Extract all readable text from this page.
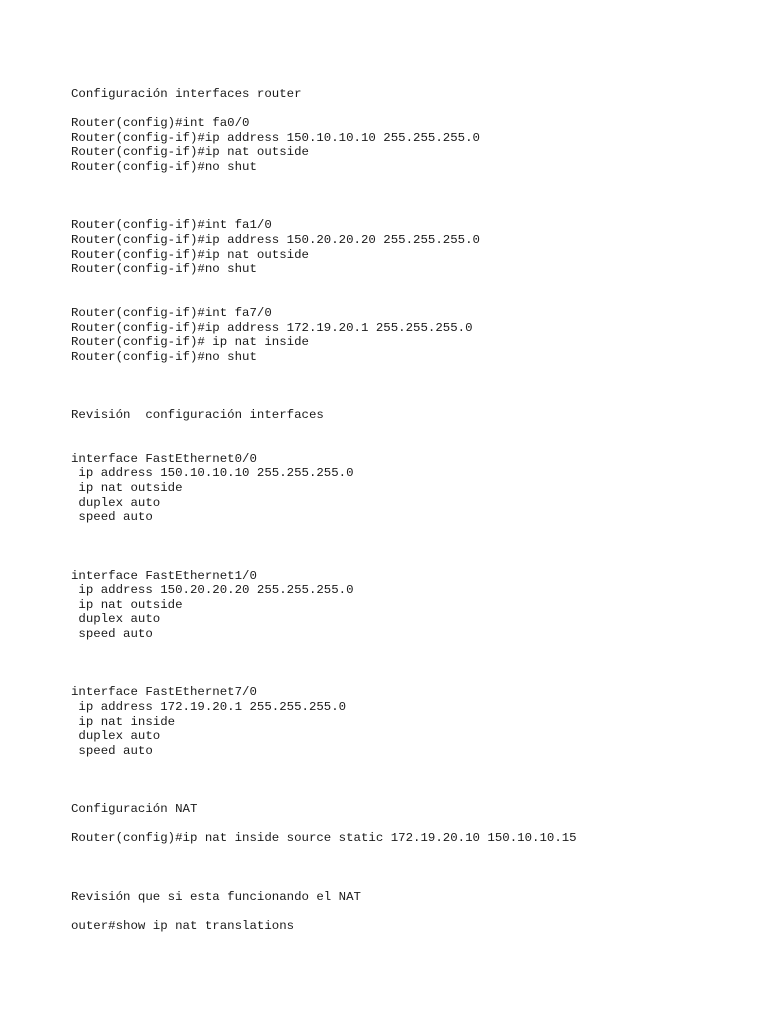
Configuración interfaces router
Router(config)#int fa0/0
Router(config-if)#ip address 150.10.10.10 255.255.255.0
Router(config-if)#ip nat outside
Router(config-if)#no shut
Router(config-if)#int fa1/0
Router(config-if)#ip address 150.20.20.20 255.255.255.0
Router(config-if)#ip nat outside
Router(config-if)#no shut
Router(config-if)#int fa7/0
Router(config-if)#ip address 172.19.20.1 255.255.255.0
Router(config-if)# ip nat inside
Router(config-if)#no shut
Revisión  configuración interfaces
interface FastEthernet0/0
ip address 150.10.10.10 255.255.255.0
ip nat outside
duplex auto
speed auto
interface FastEthernet1/0
ip address 150.20.20.20 255.255.255.0
ip nat outside
duplex auto
speed auto
interface FastEthernet7/0
ip address 172.19.20.1 255.255.255.0
ip nat inside
duplex auto
speed auto
Configuración NAT
Router(config)#ip nat inside source static 172.19.20.10 150.10.10.15
Revisión que si esta funcionando el NAT
outer#show ip nat translations
